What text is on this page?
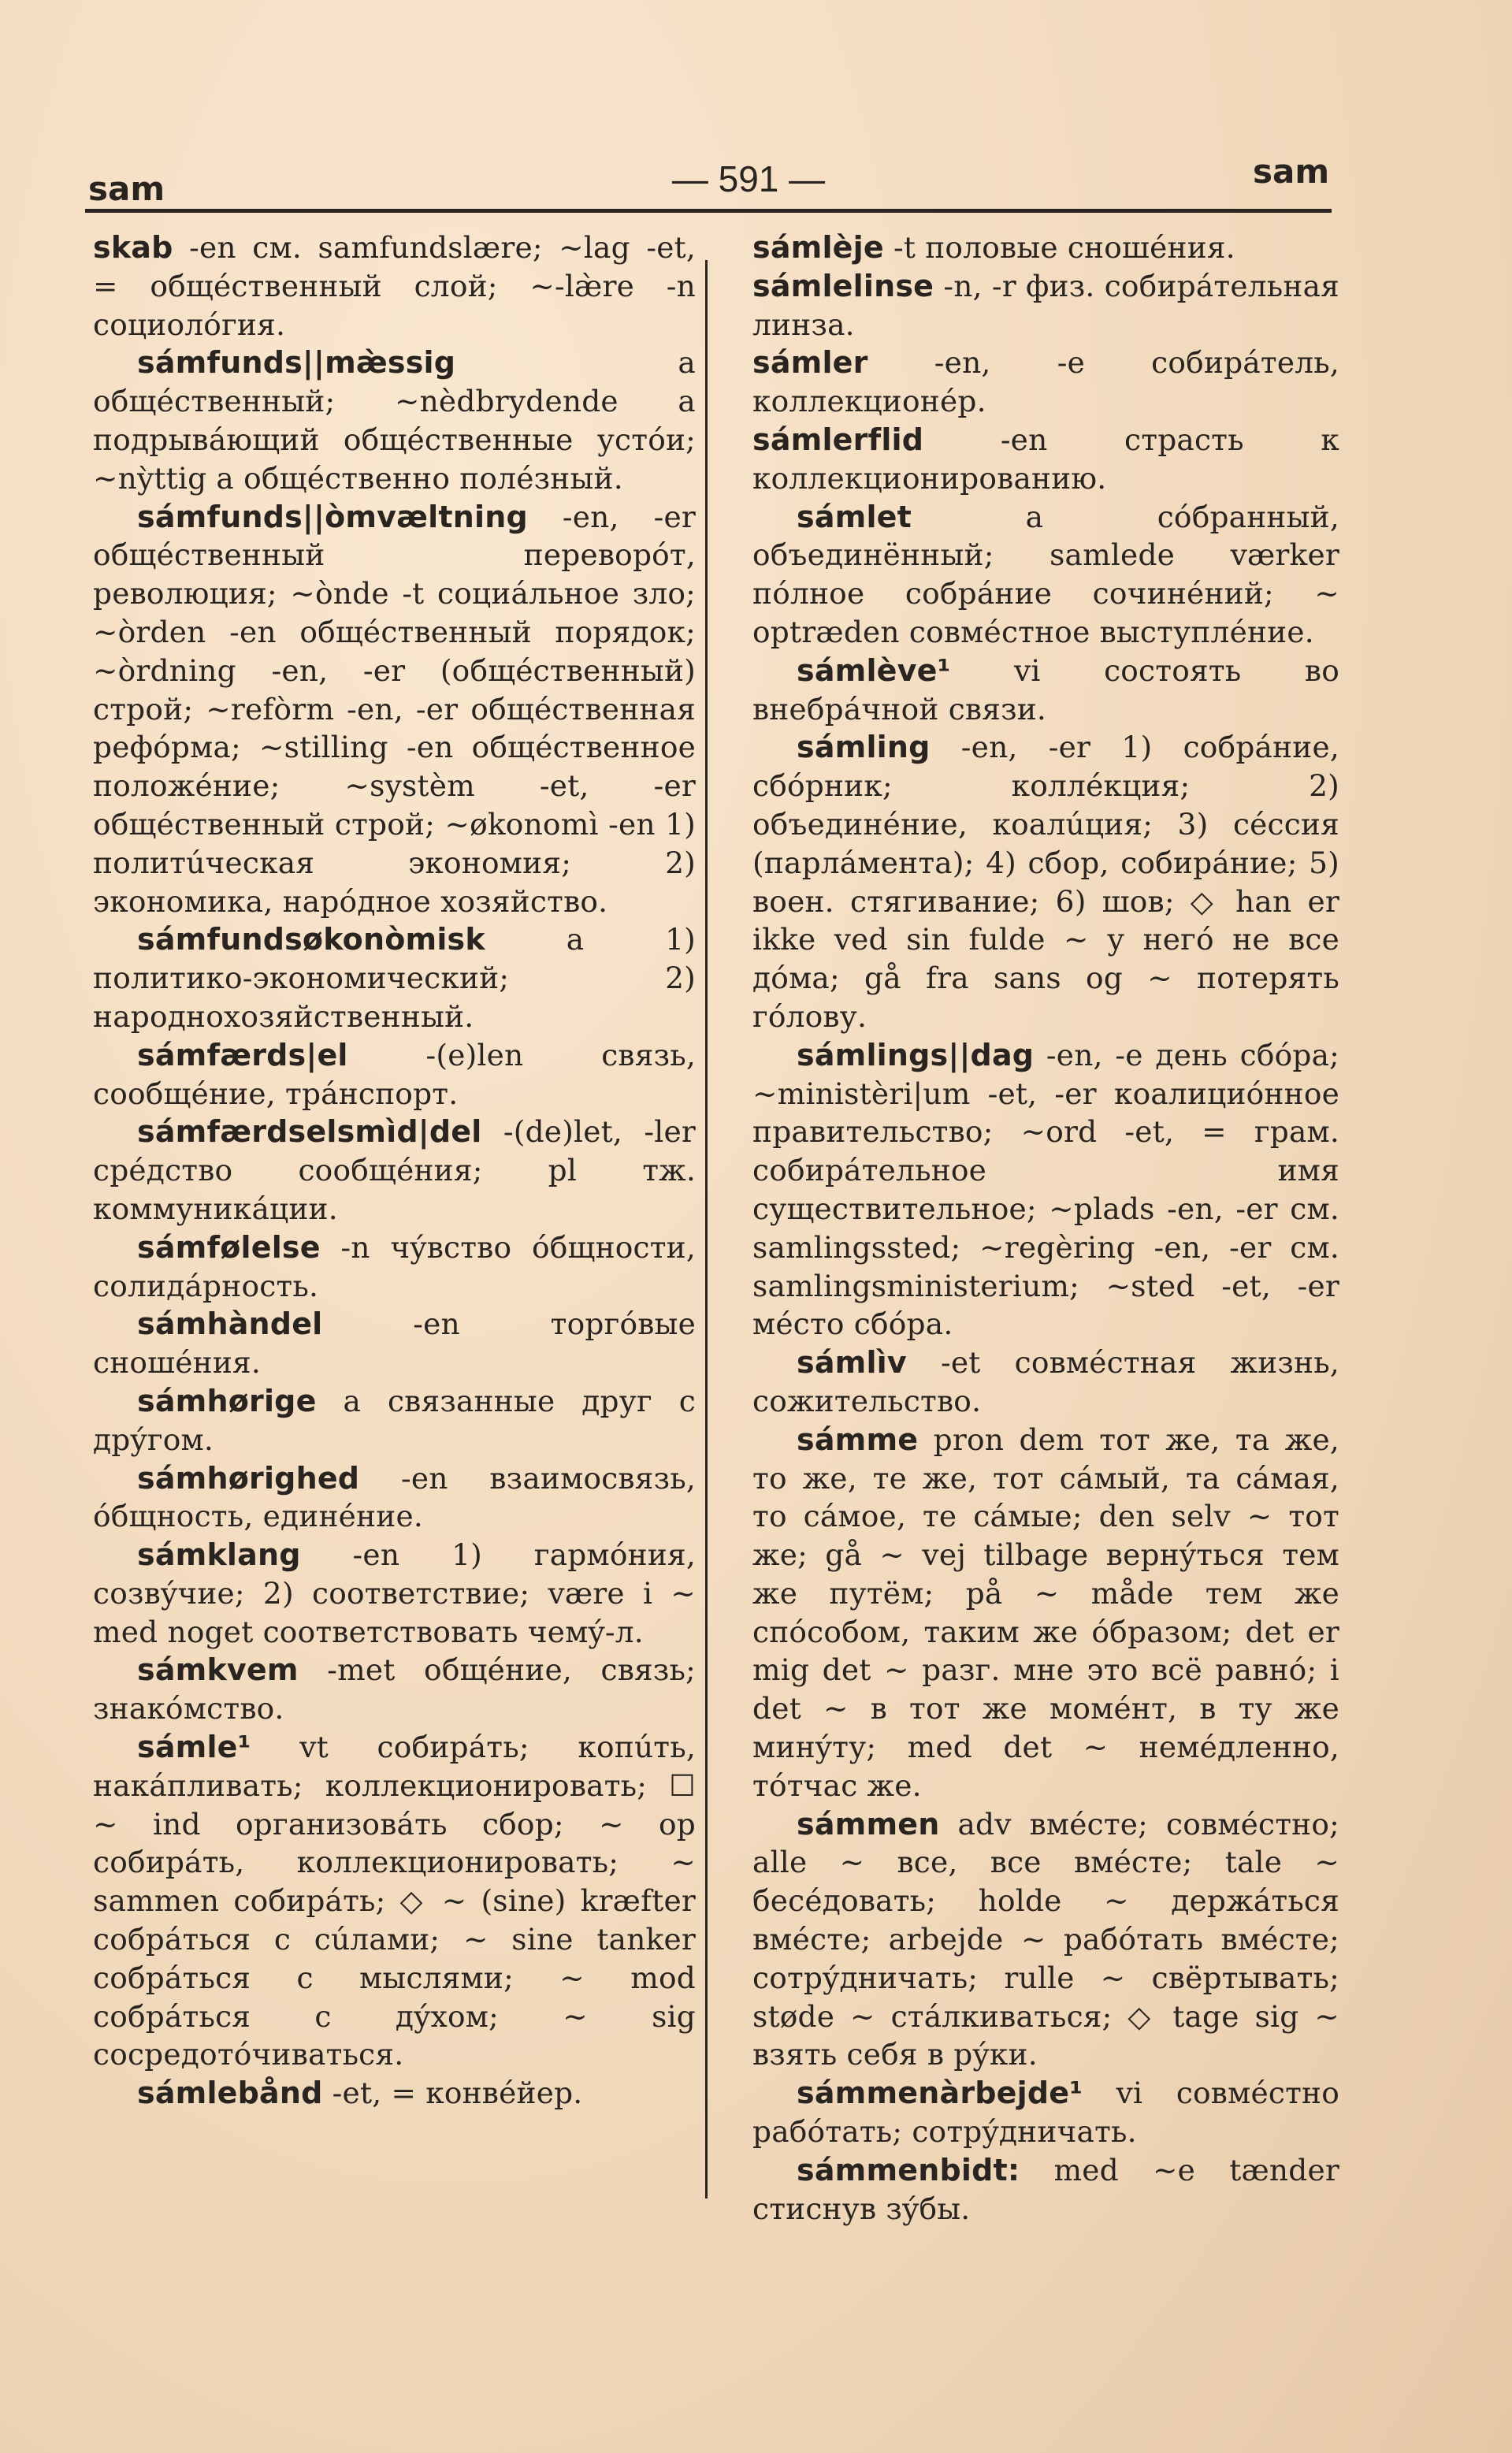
sam	— 591 —	sam

skab -en см. samfundslære; ~lag -et, = общéственный слой; ~-læ̀re -n социолóгия.

sámfunds||mæ̀ssig a общéственный; ~nèdbrydende a подрывáющий общéственные устóи; ~nỳttig a общéственно полéзный.

sámfunds||òmvæltning -en, -er общéственный переворóт, революция; ~ònde -t социáльное зло; ~òrden -en общéственный порядок; ~òrdning -en, -er (общéственный) строй; ~refòrm -en, -er общéственная рефóрма; ~stilling -en общéственное положéние; ~systèm -et, -er общéственный строй; ~økonomì -en 1) политúческая экономия; 2) экономика, нарóдное хозяйство.

sámfundsøkonòmisk a 1) политико-экономический; 2) народнохозяйственный.

sámfærds|el -(e)len связь, сообщéние, трáнспорт.

sámfærdselsmìd|del -(de)let, -ler срéдство сообщéния; pl тж. коммуникáции.

sámfølelse -n чýвство óбщности, солидáрность.

sámhàndel -en торгóвые сношéния.

sámhørige a связанные друг с дрýгом.

sámhørighed -en взаимосвязь, óбщность, единéние.

sámklang -en 1) гармóния, созвýчие; 2) соответствие; være i ~ med noget соответствовать чемý-л.

sámkvem -met общéние, связь; знакóмство.

sámle¹ vt собирáть; копúть, накáпливать; коллекционировать; ☐ ~ ind организовáть сбор; ~ op собирáть, коллекционировать; ~ sammen собирáть; ◇ ~ (sine) kræfter собрáться с сúлами; ~ sine tanker собрáться с мыслями; ~ mod собрáться с дýхом; ~ sig сосредотóчиваться.

sámlebånd -et, = конвéйер.

sámlèje -t половые сношéния.

sámlelinse -n, -r физ. собирáтельная линза.

sámler -en, -e собирáтель, коллекционéр.

sámlerflid -en страсть к коллекционированию.

sámlet a сóбранный, объединённый; samlede værker пóлное собрáние сочинéний; ~ optræden совмéстное выступлéние.

sámlève¹ vi состоять во внебрáчной связи.

sámling -en, -er 1) собрáние, сбóрник; коллéкция; 2) объединéние, коалúция; 3) сéссия (парлáмента); 4) сбор, собирáние; 5) воен. стягивание; 6) шов; ◇ han er ikke ved sin fulde ~ у негó не все дóма; gå fra sans og ~ потерять гóлову.

sámlings||dag -en, -e день сбóра; ~ministèri|um -et, -er коалициóнное правительство; ~ord -et, = грам. собирáтельное имя существительное; ~plads -en, -er см. samlingssted; ~regèring -en, -er см. samlingsministerium; ~sted -et, -er мéсто сбóра.

sámlìv -et совмéстная жизнь, сожительство.

sámme pron dem тот же, та же, то же, те же, тот сáмый, та сáмая, то сáмое, те сáмые; den selv ~ тот же; gå ~ vej tilbage вернýться тем же путём; på ~ måde тем же спóсобом, таким же óбразом; det er mig det ~ разг. мне это всё равнó; i det ~ в тот же момéнт, в ту же минýту; med det ~ немéдленно, тóтчас же.

sámmen adv вмéсте; совмéстно; alle ~ все, все вмéсте; tale ~ бесéдовать; holde ~ держáться вмéсте; arbejde ~ рабóтать вмéсте; сотрýдничать; rulle ~ свёртывать; støde ~ стáлкиваться; ◇ tage sig ~ взять себя в рýки.

sámmenàrbejde¹ vi совмéстно рабóтать; сотрýдничать.

sámmenbidt: med ~e tænder стиснув зýбы.
